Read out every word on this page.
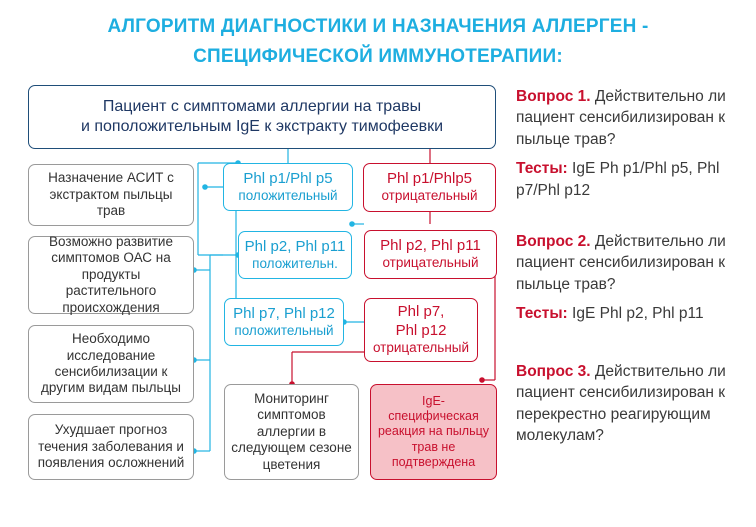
АЛГОРИТМ ДИАГНОСТИКИ И НАЗНАЧЕНИЯ АЛЛЕРГЕН -
СПЕЦИФИЧЕСКОЙ ИММУНОТЕРАПИИ:
Пациент с симптомами аллергии на травы
и поположительным IgE к экстракту тимофеевки
Назначение АСИТ с экстрактом пыльцы трав
Возможно развитие симптомов ОАС на продукты растительного происхождения
Необходимо исследование сенсибилизации к другим видам пыльцы
Ухудшает прогноз течения заболевания и появления осложнений
Phl p1/Phl p5
положительный
Phl p2, Phl p11
положительн.
Phl p7, Phl p12
положительный
Phl p1/Phlp5
отрицательный
Phl p2, Phl p11
отрицательный
Phl p7,
Phl p12
отрицательный
Мониторинг симптомов аллергии в следующем сезоне цветения
IgE- специфическая реакция на пыльцу трав не подтверждена
Вопрос 1. Действительно ли пациент сенсибилизирован к пыльце трав?
Тесты: IgE Ph p1/Phl p5, Phl p7/Phl p12
Вопрос 2. Действительно ли пациент сенсибилизирован к пыльце трав?
Тесты: IgE Phl p2, Phl p11
Вопрос 3. Действительно ли пациент сенсибилизирован к перекрестно реагирующим молекулам?
